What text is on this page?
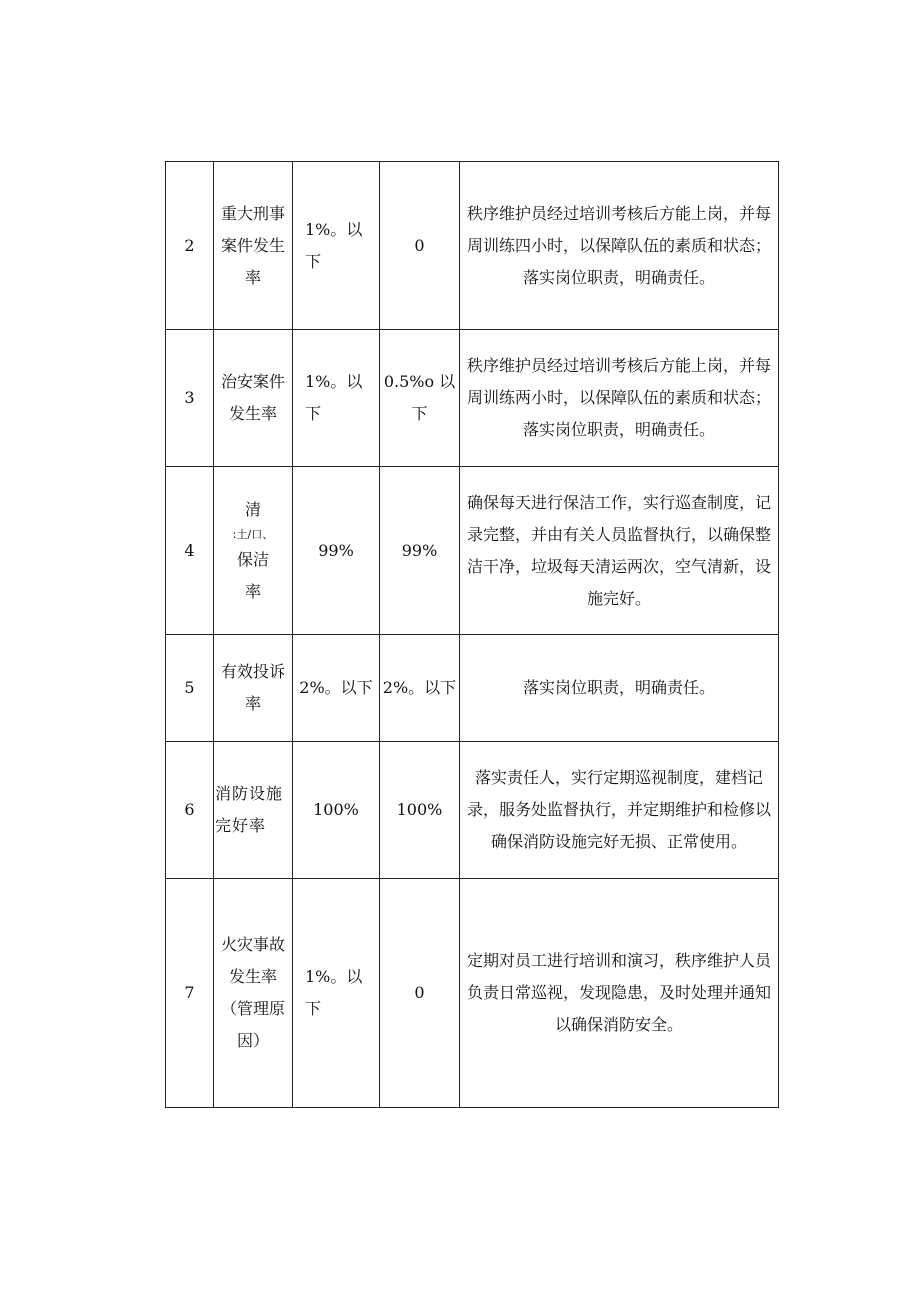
2	重大刑事案件发生率	1%。以下	0	秩序维护员经过培训考核后方能上岗，并每周训练四小时，以保障队伍的素质和状态；落实岗位职责，明确责任。
3	治安案件发生率	1%。以下	0.5%o 以下	秩序维护员经过培训考核后方能上岗，并每周训练两小时，以保障队伍的素质和状态；落实岗位职责，明确责任。
4	清
:土/口、
保洁
率	99%	99%	确保每天进行保洁工作，实行巡查制度，记录完整，并由有关人员监督执行，以确保整洁干净，垃圾每天清运两次，空气清新，设施完好。
5	有效投诉率	2%。以下	2%。以下	落实岗位职责，明确责任。
6	消防设施完好率	100%	100%	落实责任人，实行定期巡视制度，建档记录，服务处监督执行，并定期维护和检修以确保消防设施完好无损、正常使用。
7	火灾事故发生率（管理原因）	1%。以下	0	定期对员工进行培训和演习，秩序维护人员负责日常巡视，发现隐患，及时处理并通知以确保消防安全。
